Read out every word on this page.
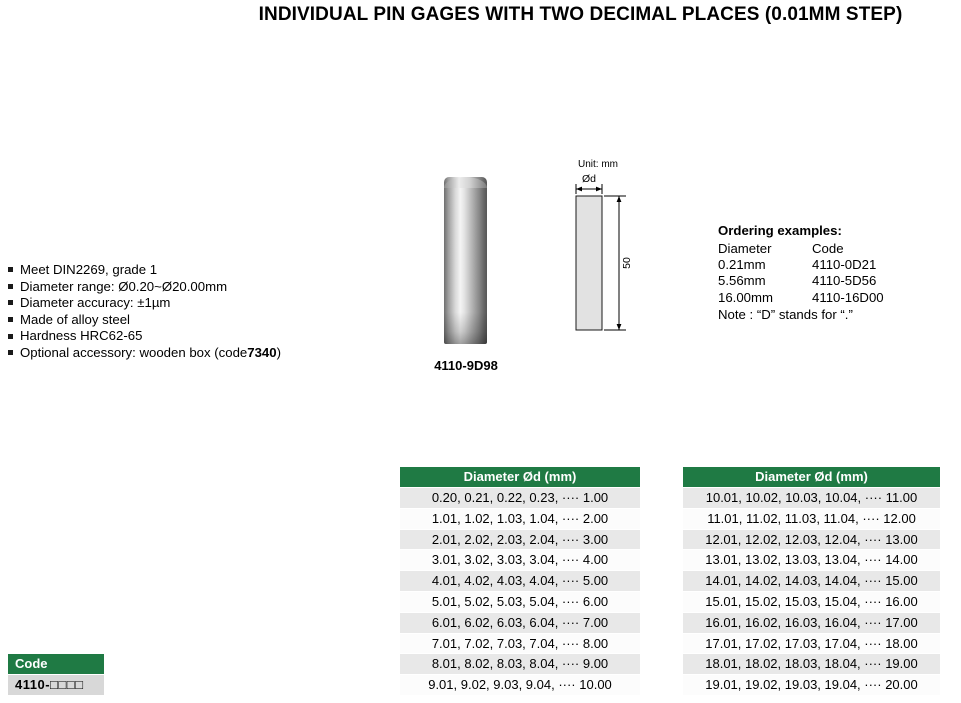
INDIVIDUAL PIN GAGES WITH TWO DECIMAL PLACES (0.01MM STEP)
Meet DIN2269, grade 1
Diameter range: Ø0.20~Ø20.00mm
Diameter accuracy: ±1µm
Made of alloy steel
Hardness HRC62-65
Optional accessory: wooden box (code 7340 )
4110-9D98
Unit: mm
Ød
50
Ordering examples:
Diameter	Code
0.21mm	4110-0D21
5.56mm	4110-5D56
16.00mm	4110-16D00
Note : “D” stands for “.”
Code
4110-□□□□
Diameter Ød (mm)
0.20, 0.21, 0.22, 0.23, ···· 1.00
1.01, 1.02, 1.03, 1.04, ···· 2.00
2.01, 2.02, 2.03, 2.04, ···· 3.00
3.01, 3.02, 3.03, 3.04, ···· 4.00
4.01, 4.02, 4.03, 4.04, ···· 5.00
5.01, 5.02, 5.03, 5.04, ···· 6.00
6.01, 6.02, 6.03, 6.04, ···· 7.00
7.01, 7.02, 7.03, 7.04, ···· 8.00
8.01, 8.02, 8.03, 8.04, ···· 9.00
9.01, 9.02, 9.03, 9.04, ···· 10.00
Diameter Ød (mm)
10.01, 10.02, 10.03, 10.04, ···· 11.00
11.01, 11.02, 11.03, 11.04, ···· 12.00
12.01, 12.02, 12.03, 12.04, ···· 13.00
13.01, 13.02, 13.03, 13.04, ···· 14.00
14.01, 14.02, 14.03, 14.04, ···· 15.00
15.01, 15.02, 15.03, 15.04, ···· 16.00
16.01, 16.02, 16.03, 16.04, ···· 17.00
17.01, 17.02, 17.03, 17.04, ···· 18.00
18.01, 18.02, 18.03, 18.04, ···· 19.00
19.01, 19.02, 19.03, 19.04, ···· 20.00
